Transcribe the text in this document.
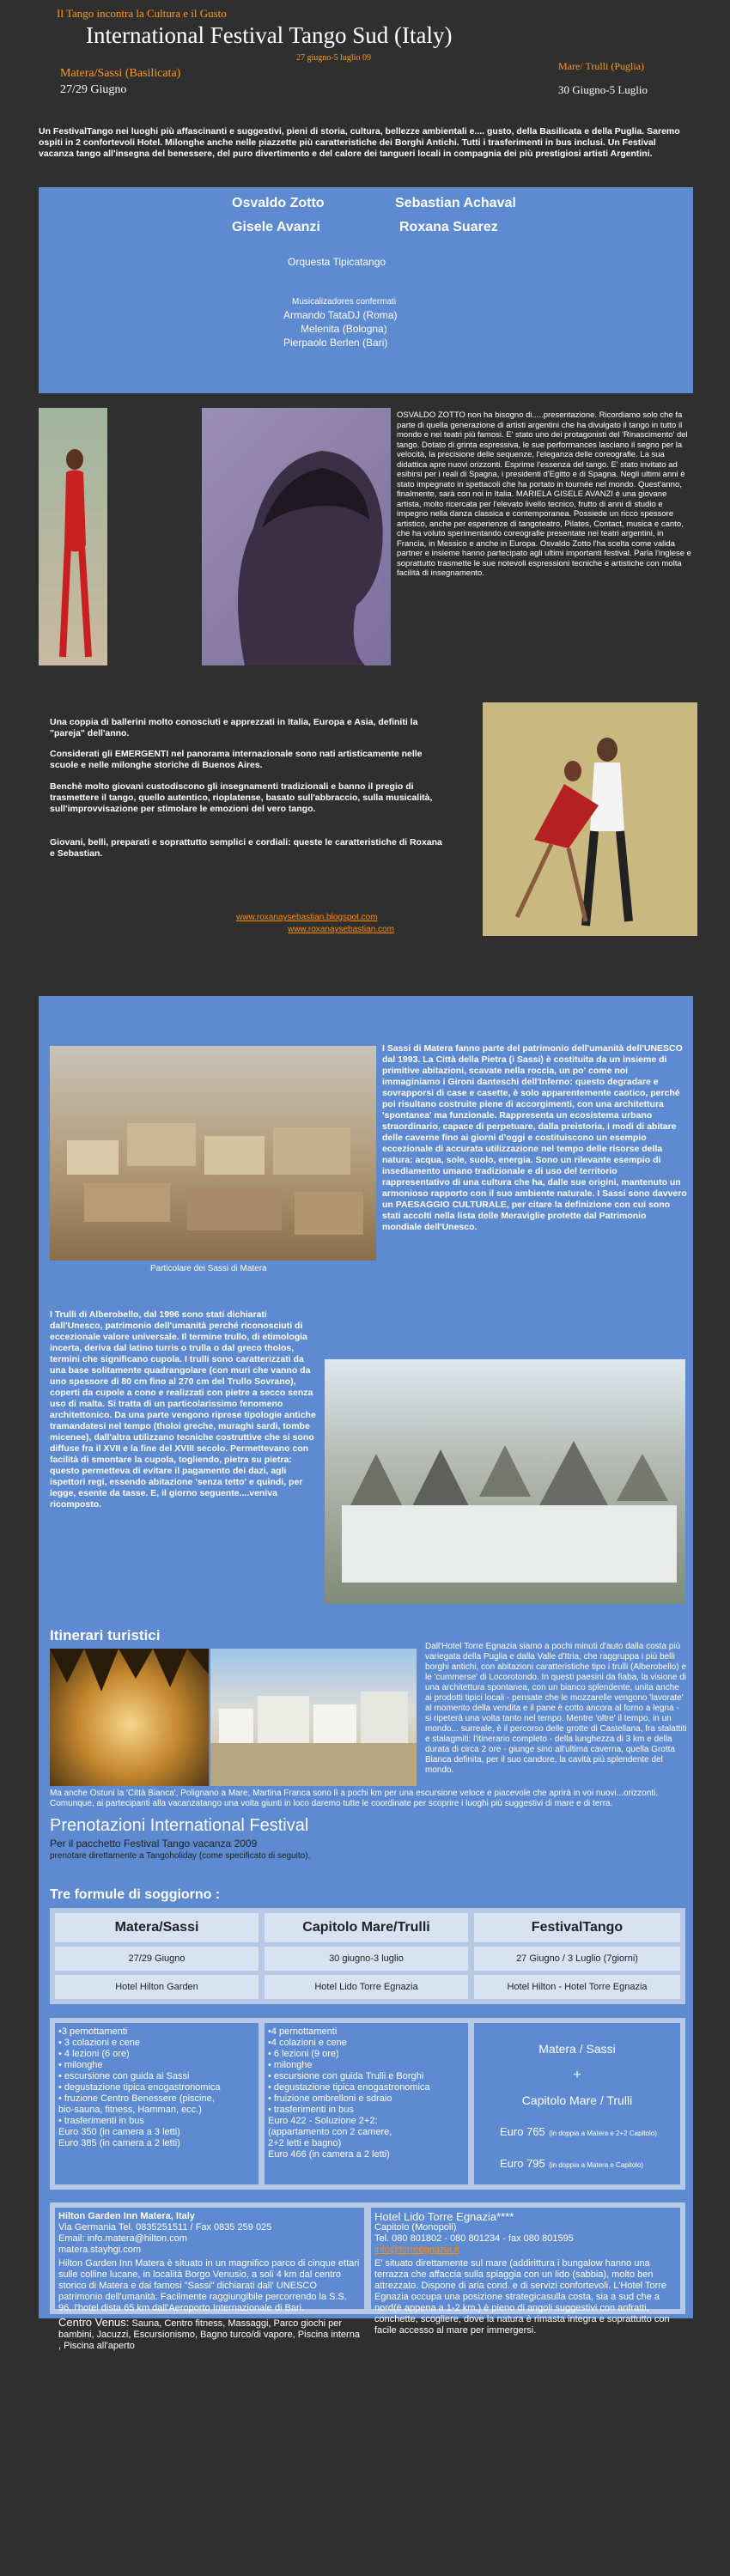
Il Tango incontra la Cultura e il Gusto
International Festival Tango Sud (Italy)
27 giugno-5 luglio 09
Matera/Sassi (Basilicata)
27/29 Giugno
Mare/ Trulli (Puglia)
30 Giugno-5 Luglio
Un FestivalTango nei luoghi più affascinanti e suggestivi, pieni di storia, cultura, bellezze ambientali e.... gusto, della Basilicata e della Puglia. Saremo ospiti in 2 confortevoli Hotel. Milonghe anche nelle piazzette più caratteristiche dei Borghi Antichi. Tutti i trasferimenti in bus inclusi. Un Festival vacanza tango all'insegna del benessere, del puro divertimento e del calore dei tangueri locali in compagnia dei più prestigiosi artisti Argentini.
Osvaldo Zotto	Sebastian Achaval
Gisele Avanzi	Roxana Suarez
Orquesta Tipicatango
Musicalizadores confermati
Armando TataDJ (Roma)
Melenita (Bologna)
Pierpaolo Berlen (Bari)
OSVALDO ZOTTO non ha bisogno di.....presentazione. Ricordiamo solo che fa parte di quella generazione di artisti argentini che ha divulgato il tango in tutto il mondo e nei teatri più famosi. E' stato uno dei protagonisti del 'Rinascimento' del tango. Dotato di grinta espressiva, le sue performances lasciano il segno per la velocità, la precisione delle sequenze, l'eleganza delle coreografie. La sua didattica apre nuovi orizzonti. Esprime l'essenza del tango. E' stato invitato ad esibirsi per i reali di Spagna, i presidenti d'Egitto e di Spagna. Negli ultimi anni è stato impegnato in spettacoli che ha portato in tournée nel mondo. Quest'anno, finalmente, sarà con noi in Italia. MARIELA GISELE AVANZI è una giovane artista, molto ricercata per l'elevato livello tecnico, frutto di anni di studio e impegno nella danza classica e contemporanea. Possiede un ricco spessore artistico, anche per esperienze di tangoteatro, Pilates, Contact, musica e canto, che ha voluto sperimentando coreografie presentate nei teatri argentini, in Francia, in Messico e anche in Europa. Osvaldo Zotto l'ha scelta come valida partner e insieme hanno partecipato agli ultimi importanti festival. Parla l'inglese e soprattutto trasmette le sue notevoli espressioni tecniche e artistiche con molta facilità di insegnamento.
Una coppia di ballerini molto conosciuti e apprezzati in Italia, Europa e Asia, definiti la "pareja" dell'anno.
Considerati gli EMERGENTI nel panorama internazionale sono nati artisticamente nelle scuole e nelle milonghe storiche di Buenos Aires.
Benchè molto giovani custodiscono gli insegnamenti tradizionali e banno il pregio di trasmettere il tango, quello autentico, rioplatense, basato sull'abbraccio, sulla musicalità, sull'improvvisazione per stimolare le emozioni del vero tango.
Giovani, belli, preparati e soprattutto semplici e cordiali: queste le caratteristiche di Roxana e Sebastian.
www.roxanaysebastian.blogspot.com
www.roxanaysebastian.com
Particolare dei Sassi di Matera
I Sassi di Matera fanno parte del patrimonio dell'umanità dell'UNESCO dal 1993. La Città della Pietra (i Sassi) è costituita da un insieme di primitive abitazioni, scavate nella roccia, un po' come noi immaginiamo i Gironi danteschi dell'Inferno: questo degradare e sovrapporsi di case e casette, è solo apparentemente caotico, perché poi risultano costruite piene di accorgimenti, con una architettura 'spontanea' ma funzionale. Rappresenta un ecosistema urbano straordinario, capace di perpetuare, dalla preistoria, i modi di abitare delle caverne fino ai giorni d'oggi e costituiscono un esempio eccezionale di accurata utilizzazione nel tempo delle risorse della natura: acqua, sole, suolo, energia. Sono un rilevante esempio di insediamento umano tradizionale e di uso del territorio rappresentativo di una cultura che ha, dalle sue origini, mantenuto un armonioso rapporto con il suo ambiente naturale. I Sassi sono davvero un PAESAGGIO CULTURALE, per citare la definizione con cui sono stati accolti nella lista delle Meraviglie protette dal Patrimonio mondiale dell'Unesco.
I Trulli di Alberobello, dal 1996 sono stati dichiarati dall'Unesco, patrimonio dell'umanità perché riconosciuti di eccezionale valore universale. Il termine trullo, di etimologia incerta, deriva dal latino turris o trulla o dal greco tholos, termini che significano cupola. I trulli sono caratterizzati da una base solitamente quadrangolare (con muri che vanno da uno spessore di 80 cm fino al 270 cm del Trullo Sovrano), coperti da cupole a cono e realizzati con pietre a secco senza uso di malta. Si tratta di un particolarissimo fenomeno architettonico. Da una parte vengono riprese tipologie antiche tramandatesi nel tempo (tholoi greche, muraghi sardi, tombe micenee), dall'altra utilizzano tecniche costruttive che si sono diffuse fra il XVII e la fine del XVIII secolo. Permettevano con facilità di smontare la cupola, togliendo, pietra su pietra: questo permetteva di evitare il pagamento dei dazi, agli ispettori regi, essendo abitazione 'senza tetto' e quindi, per legge, esente da tasse. E, il giorno seguente....veniva ricomposto.
Itinerari turistici
Dall'Hotel Torre Egnazia siamo a pochi minuti d'auto dalla costa più variegata della Puglia e dalla Valle d'Itria, che raggruppa i più belli borghi antichi, con abitazioni caratteristiche tipo i trulli (Alberobello) e le 'cummerse' di Locorotondo. In questi paesini da fiaba, la visione di una architettura spontanea, con un bianco splendente, unita anche ai prodotti tipici locali - pensate che le mozzarelle vengono 'lavorate' al momento della vendita e il pane è cotto ancora al forno a legna - si ripeterà una volta tanto nel tempo. Mentre 'oltre' il tempo, in un mondo... surreale, è il percorso delle grotte di Castellana, fra stalattiti e stalagmiti: l'itinerario completo - della lunghezza di 3 km e della durata di circa 2 ore - giunge sino all'ultima caverna, quella Grotta Bianca definita, per il suo candore, la cavità più splendente del mondo.
Ma anche Ostuni la 'Città Bianca', Polignano a Mare, Martina Franca sono lì a pochi km per una escursione veloce e piacevole che aprirà in voi nuovi...orizzonti. Comunque, ai partecipanti alla vacanzatango una volta giunti in loco daremo tutte le coordinate per scoprire i luoghi più suggestivi di mare e di terra.
Prenotazioni International Festival
Per il pacchetto Festival Tango vacanza 2009
prenotare direttamente a Tangoholiday (come specificato di seguito).
Tre formule di soggiorno :
Matera/Sassi	Capitolo Mare/Trulli	FestivalTango
27/29 Giugno	30 giugno-3 luglio	27 Giugno / 3 Luglio (7giorni)
Hotel Hilton Garden	Hotel Lido Torre Egnazia	Hotel Hilton - Hotel Torre Egnazia
•3 pernottamenti
• 3 colazioni e cene
• 4 lezioni (6 ore)
• milonghe
• escursione con guida ai Sassi
• degustazione tipica enogastronomica
• fruzione Centro Benessere (piscine,
bio-sauna, fitness, Hamman, ecc.)
• trasferimenti in bus
Euro 350 (in camera a 3 letti)
Euro 385 (in camera a 2 letti)
•4 pernottamenti
•4 colazioni e cene
• 6 lezioni (9 ore)
• milonghe
• escursione con guida Trulli e Borghi
• degustazione tipica enogastronomica
• fruizione ombrelloni e sdraio
• trasferimenti in bus
Euro 422 - Soluzione 2+2:
(appartamento con 2 camere,
2+2 letti e bagno)
Euro 466 (in camera a 2 letti)
Matera / Sassi
+
Capitolo Mare / Trulli
Euro 765 (in doppia a Matera e 2+2 Capitolo)
Euro 795 (in doppia a Matera e Capitolo)
Hilton Garden Inn Matera, Italy
Via Germania Tel. 0835251511 / Fax 0835 259 025
Email: info.matera@hilton.com
matera.stayhgi.com
Hilton Garden Inn Matera è situato in un magnifico parco di cinque ettari sulle colline lucane, in località Borgo Venusio, a soli 4 km dal centro storico di Matera e dai famosi "Sassi" dichiarati dall' UNESCO patrimonio dell'umanità. Facilmente raggiungibile percorrendo la S.S. 96, l'hotel dista 65 km dall'Aeroporto Internazionale di Bari.
Centro Venus: Sauna, Centro fitness, Massaggi, Parco giochi per bambini, Jacuzzi, Escursionismo, Bagno turco/di vapore, Piscina interna , Piscina all'aperto
Hotel Lido Torre Egnazia****
Capitolo (Monopoli)
Tel. 080 801802 - 080 801234 - fax 080 801595
info@torreegnazia.it
E' situato direttamente sul mare (addirittura i bungalow hanno una terrazza che affaccia sulla spiaggia con un lido (sabbia), molto ben attrezzato. Dispone di aria cond. e di servizi confortevoli. L'Hotel Torre Egnazia occupa una posizione strategicasulla costa, sia a sud che a nord(è appena a 1-2 km.) è pieno di angoli suggestivi con anfratti, conchette, scogliere, dove la natura è rimasta integra e soprattutto con facile accesso al mare per immergersi.
